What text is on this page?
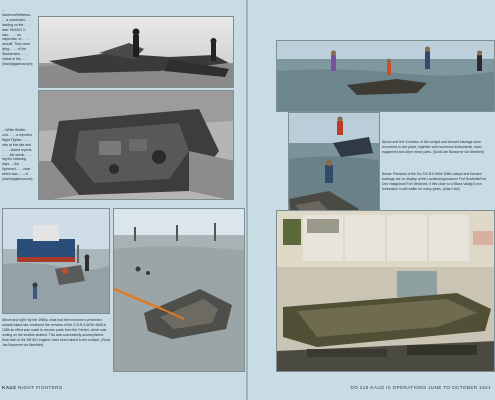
…Nauheim/Wetterau… … a successful… … landing on the… … later 7th/NJG 3, also… … an inspection of… … aircraft. They were lying… … of the Waddensee, … … visible in the… … (Nachtjagdmuseum)
…White Wolfen und… … a reported Night Fighter… …cles at this site and … … stated reports … …the wreck… …ing the following days. …the Sperrverl… …near which was… …nt (Nachtjagdmuseum)
Above and right: By the 1980s, what had then become a protected natural island site continued the remains of the 2./0-R-3-W/Nr 4846 in 1985 an effort was made to recover parts from the Gemini, which was resting on the shallow seabed. This was successfully accomplished. Now both of the DB 601 engines have been raised to the surface. (Scott Jan Bosserne via Wesfried)
KAUZ NIGHT FIGHTERS
Above and left: A section of the cockpit and forward fuselage were recovered in one piece, together with numerous instruments, radio equipment and other minor parts. (Scott Jan Bosserne via Wesfried)
Below: Remains of the Do 215 B-5 W/Nr 0086 cockpit and forward fuselage are on display at the Luchtoorlogmuseum Fort Rosthold/Fort Den Haagshoof Fort Veldhoek. It lies close to a Bfanz Vaalig 6 non restoration in still waiter for many years. (Allan Hari)
DO 215 KAUZ III OPERATIONS JUNE TO OCTOBER 1941
